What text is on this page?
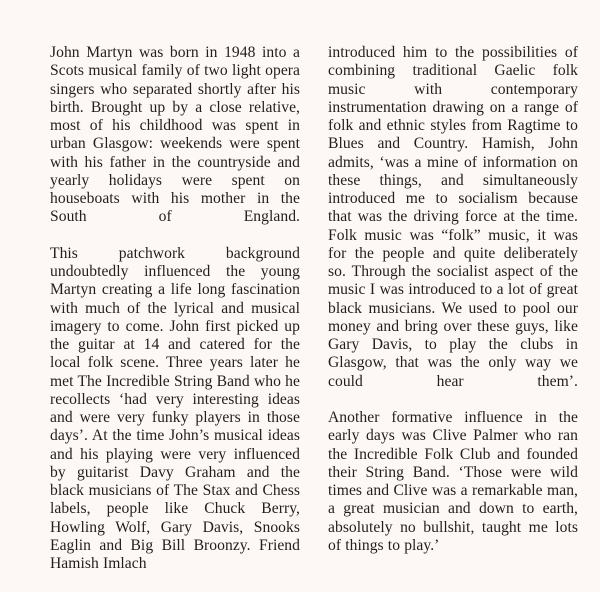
John Martyn was born in 1948 into a Scots musical family of two light opera singers who separated shortly after his birth. Brought up by a close relative, most of his childhood was spent in urban Glasgow: weekends were spent with his father in the countryside and yearly holidays were spent on houseboats with his mother in the South of England.

This patchwork background undoubtedly influenced the young Martyn creating a life long fascination with much of the lyrical and musical imagery to come. John first picked up the guitar at 14 and catered for the local folk scene. Three years later he met The Incredible String Band who he recollects ‘had very interesting ideas and were very funky players in those days’. At the time John’s musical ideas and his playing were very influenced by guitarist Davy Graham and the black musicians of The Stax and Chess labels, people like Chuck Berry, Howling Wolf, Gary Davis, Snooks Eaglin and Big Bill Broonzy. Friend Hamish Imlach

introduced him to the possibilities of combining traditional Gaelic folk music with contemporary instrumentation drawing on a range of folk and ethnic styles from Ragtime to Blues and Country. Hamish, John admits, ‘was a mine of information on these things, and simultaneously introduced me to socialism because that was the driving force at the time. Folk music was “folk” music, it was for the people and quite deliberately so. Through the socialist aspect of the music I was introduced to a lot of great black musicians. We used to pool our money and bring over these guys, like Gary Davis, to play the clubs in Glasgow, that was the only way we could hear them’.

Another formative influence in the early days was Clive Palmer who ran the Incredible Folk Club and founded their String Band. ‘Those were wild times and Clive was a remarkable man, a great musician and down to earth, absolutely no bullshit, taught me lots of things to play.’
